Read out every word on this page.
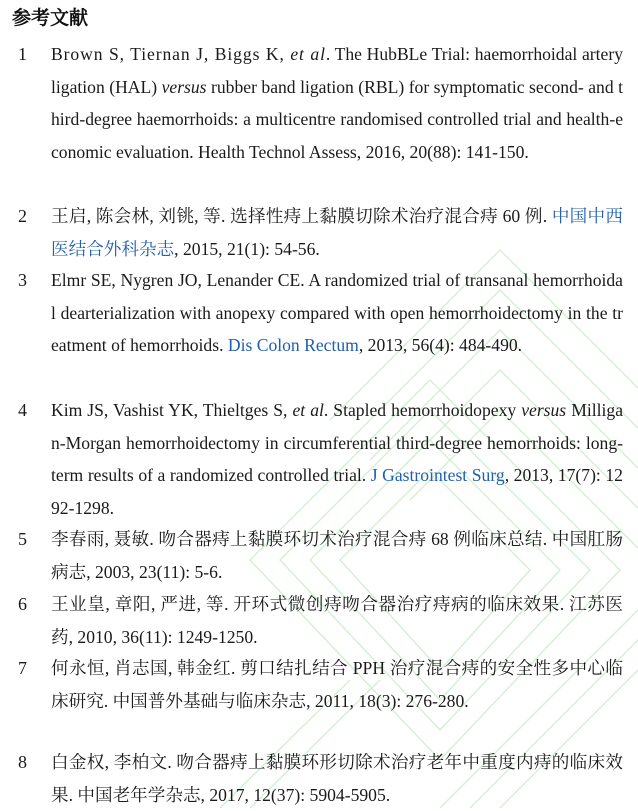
参考文献
1	Brown S, Tiernan J, Biggs K, et al. The HubBLe Trial: haemorrhoidal artery ligation (HAL) versus rubber band ligation (RBL) for symptomatic second- and third-degree haemorrhoids: a multicentre randomised controlled trial and health-economic evaluation. Health Technol Assess, 2016, 20(88): 141-150.
2	王启, 陈会林, 刘铫, 等. 选择性痔上黏膜切除术治疗混合痔 60 例. 中国中西医结合外科杂志, 2015, 21(1): 54-56.
3	Elmr SE, Nygren JO, Lenander CE. A randomized trial of transanal hemorrhoidal dearterialization with anopexy compared with open hemorrhoidectomy in the treatment of hemorrhoids. Dis Colon Rectum, 2013, 56(4): 484-490.
4	Kim JS, Vashist YK, Thieltges S, et al. Stapled hemorrhoidopexy versus Milligan-Morgan hemorrhoidectomy in circumferential third-degree hemorrhoids: long-term results of a randomized controlled trial. J Gastrointest Surg, 2013, 17(7): 1292-1298.
5	李春雨, 聂敏. 吻合器痔上黏膜环切术治疗混合痔 68 例临床总结. 中国肛肠病志, 2003, 23(11): 5-6.
6	王业皇, 章阳, 严进, 等. 开环式微创痔吻合器治疗痔病的临床效果. 江苏医药, 2010, 36(11): 1249-1250.
7	何永恒, 肖志国, 韩金红. 剪口结扎结合 PPH 治疗混合痔的安全性多中心临床研究. 中国普外基础与临床杂志, 2011, 18(3): 276-280.
8	白金权, 李柏文. 吻合器痔上黏膜环形切除术治疗老年中重度内痔的临床效果. 中国老年学杂志, 2017, 12(37): 5904-5905.
